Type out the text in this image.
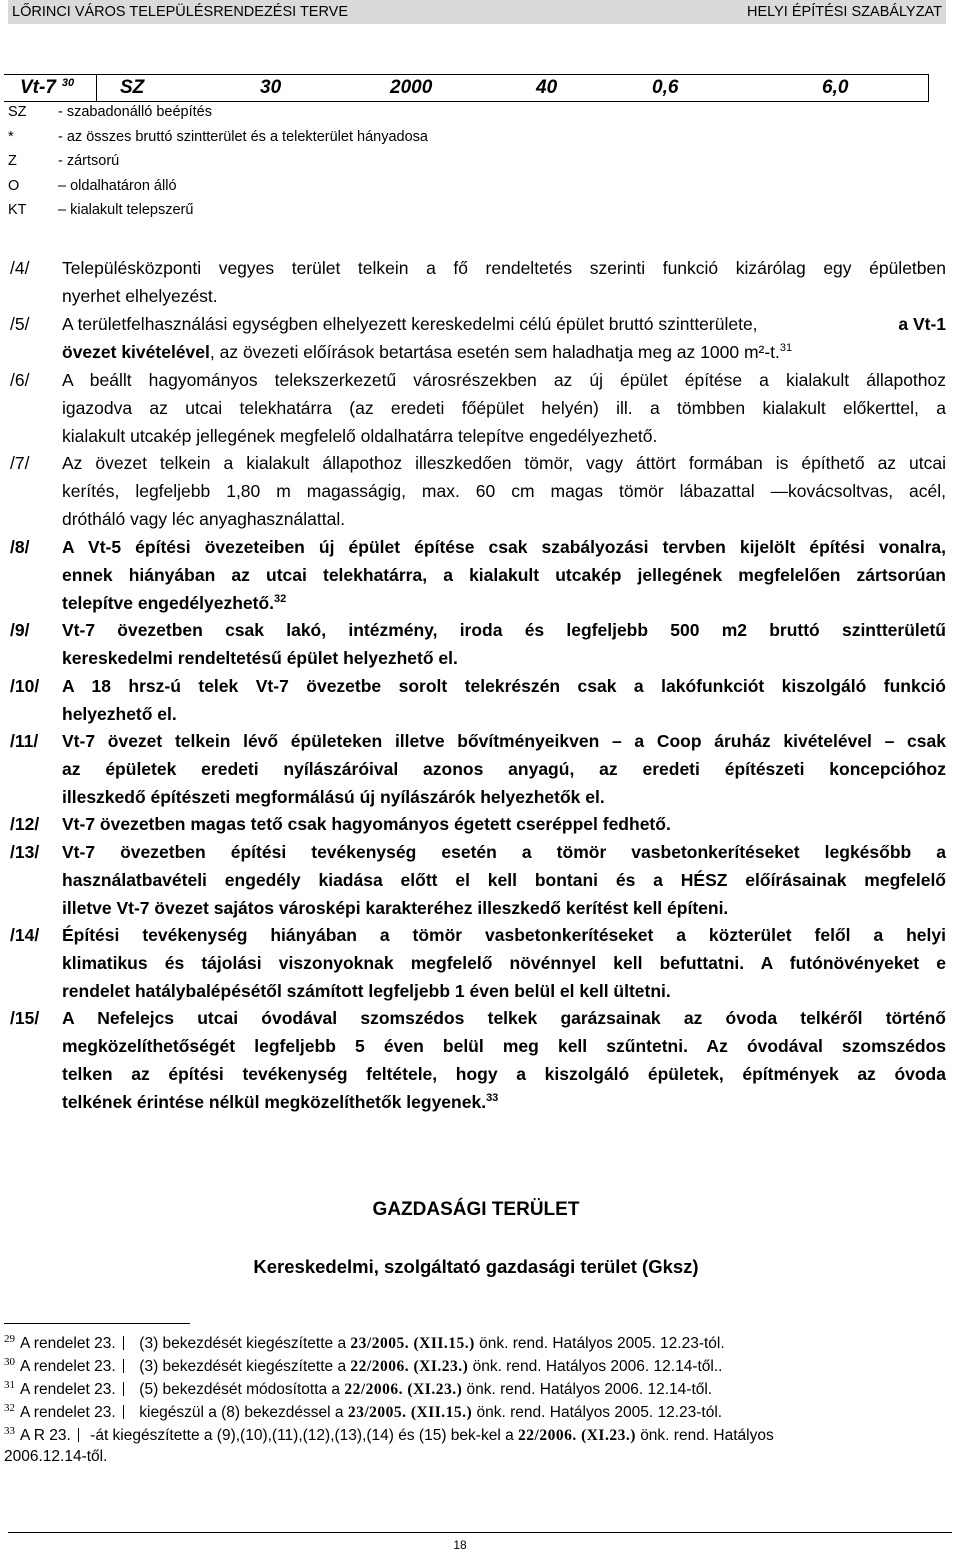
LŐRINCI VÁROS TELEPÜLÉSRENDEZÉSI TERVE	HELYI ÉPÍTÉSI SZABÁLYZAT
Vt-7 $^{30}$ SZ	30	2000	40	0,6	6,0
SZ - szabadonálló beépítés
*	- az összes bruttó szintterület és a telekterület hányadosa
Z	- zártsorú
O	– oldalhatáron álló
KT – kialakult telepszerű
/4/ Településközponti vegyes terület telkein a fő rendeltetés szerinti funkció kizárólag egy épületben
nyerhet elhelyezést.
/5/ A területfelhasználási egységben elhelyezett kereskedelmi célú épület bruttó szintterülete,	a Vt-1
övezet kivételével, az övezeti előírások betartása esetén sem haladhatja meg az 1000 m²-t.$^{31}$
/6/ A beállt hagyományos telekszerkezetű városrészekben az új épület építése a kialakult állapothoz
igazodva az utcai telekhatárra (az eredeti főépület helyén) ill. a tömbben kialakult előkerttel, a
kialakult utcakép jellegének megfelelő oldalhatárra telepítve engedélyezhető.
/7/ Az övezet telkein a kialakult állapothoz illeszkedően tömör, vagy áttört formában is építhető az utcai
kerítés, legfeljebb 1,80 m magasságig, max. 60 cm magas tömör lábazattal —kovácsoltvas, acél,
drótháló vagy léc anyaghasználattal.
/8/ A Vt-5 építési övezeteiben új épület építése csak szabályozási tervben kijelölt építési vonalra,
ennek hiányában az utcai telekhatárra, a kialakult utcakép jellegének megfelelően zártsorúan
telepítve engedélyezhető.$^{32}$
/9/ Vt-7 övezetben csak lakó, intézmény, iroda és legfeljebb 500 m2 bruttó szintterületű
kereskedelmi rendeltetésű épület helyezhető el.
/10/ A 18 hrsz-ú telek Vt-7 övezetbe sorolt telekrészén csak a lakófunkciót kiszolgáló funkció
helyezhető el.
/11/ Vt-7 övezet telkein lévő épületeken illetve bővítményeikven – a Coop áruház kivételével – csak
az épületek eredeti nyílászáróival azonos anyagú, az eredeti építészeti koncepcióhoz
illeszkedő építészeti megformálású új nyílászárók helyezhetők el.
/12/ Vt-7 övezetben magas tető csak hagyományos égetett cseréppel fedhető.
/13/ Vt-7 övezetben építési tevékenység esetén a tömör vasbetonkerítéseket legkésőbb a
használatbavételi engedély kiadása előtt el kell bontani és a HÉSZ előírásainak megfelelő
illetve Vt-7 övezet sajátos városképi karakteréhez illeszkedő kerítést kell építeni.
/14/ Építési tevékenység hiányában a tömör vasbetonkerítéseket a közterület felől a helyi
klimatikus és tájolási viszonyoknak megfelelő növénnyel kell befuttatni. A futónövényeket e
rendelet hatálybalépésétől számított legfeljebb 1 éven belül el kell ültetni.
/15/ A Nefelejcs utcai óvodával szomszédos telkek garázsainak az óvoda telkéről történő
megközelíthetőségét legfeljebb 5 éven belül meg kell szűntetni. Az óvodával szomszédos
telken az építési tevékenység feltétele, hogy a kiszolgáló épületek, építmények az óvoda
telkének érintése nélkül megközelíthetők legyenek.$^{33}$
GAZDASÁGI TERÜLET
Kereskedelmi, szolgáltató gazdasági terület (Gksz)
$^{29}$ A rendelet 23. (3) bekezdését kiegészítette a 23/2005. (XII.15.) önk. rend. Hatályos 2005. 12.23-tól.
$^{30}$ A rendelet 23. (3) bekezdését kiegészítette a 22/2006. (XI.23.) önk. rend. Hatályos 2006. 12.14-től..
$^{31}$ A rendelet 23. (5) bekezdését módosította a 22/2006. (XI.23.) önk. rend. Hatályos 2006. 12.14-től.
$^{32}$ A rendelet 23. kiegészül a (8) bekezdéssel a 23/2005. (XII.15.) önk. rend. Hatályos 2005. 12.23-tól.
$^{33}$ A R 23. -át kiegészítette a (9),(10),(11),(12),(13),(14) és (15) bek-kel a 22/2006. (XI.23.) önk. rend. Hatályos
2006.12.14-től.
18
